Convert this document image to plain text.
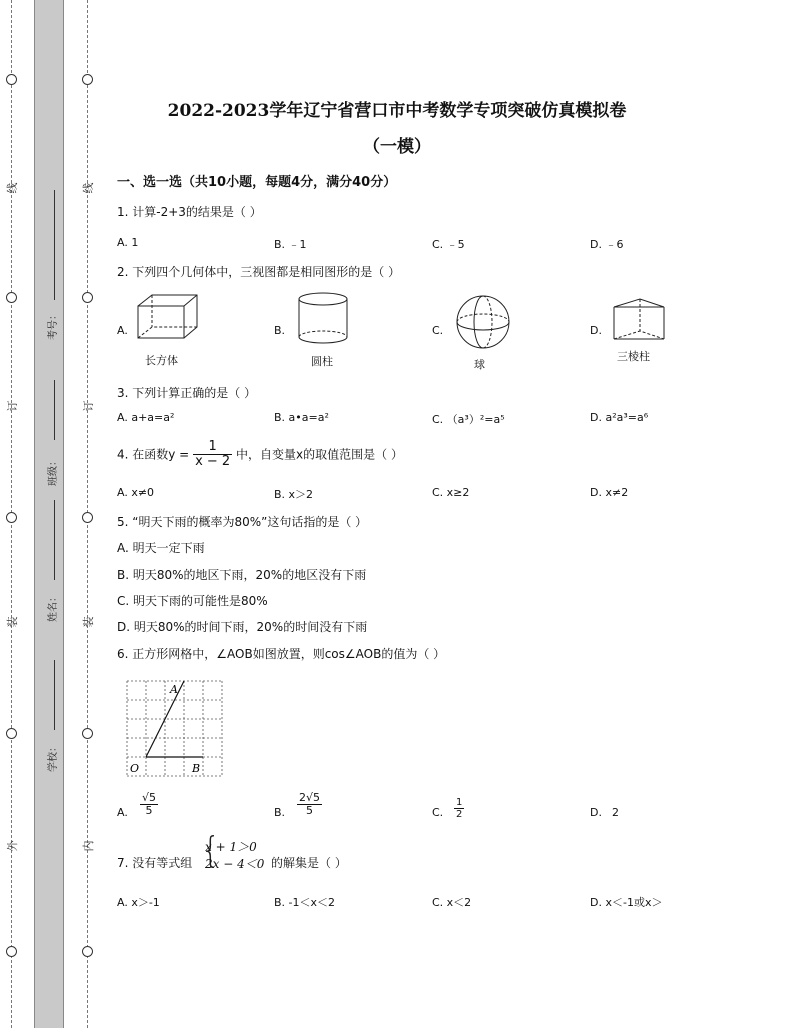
线
订
装
外
线
订
装
内
考号：
班级：
姓名：
学校：
2022-2023学年辽宁省营口市中考数学专项突破仿真模拟卷
（一模）
一、选一选（共10小题，每题4分，满分40分）
1. 计算-2+3的结果是（ ）
A. 1	B. ﹣1	C. ﹣5	D. ﹣6
2. 下列四个几何体中，三视图都是相同图形的是（ ）
A.
长方体
B.
圆柱
C.
球
D.
三棱柱
3. 下列计算正确的是（ ）
A. a+a=a²	B. a•a=a²	C. （a³）²=a⁵	D. a²a³=a⁶
4. 在函数$y = \frac{1}{x - 2}$ 中，自变量x的取值范围是（ ）
A. x≠0	B. x＞2	C. x≥2	D. x≠2
5. “明天下雨的概率为80%”这句话指的是（ ）
A. 明天一定下雨
B. 明天80%的地区下雨，20%的地区没有下雨
C. 明天下雨的可能性是80%
D. 明天80%的时间下雨，20%的时间没有下雨
6. 正方形网格中，∠AOB如图放置，则cos∠AOB的值为（ ）
A
O	B
A. $\frac{√5}{5}$	B. $\frac{2√5}{5}$	C. $\frac{1}{2}$	D. 2
7. 没有等式组 {
x + 1＞0
2x − 4＜0 的解集是（ ）
A. x＞-1	B. -1＜x＜2	C. x＜2	D. x＜-1或x＞
